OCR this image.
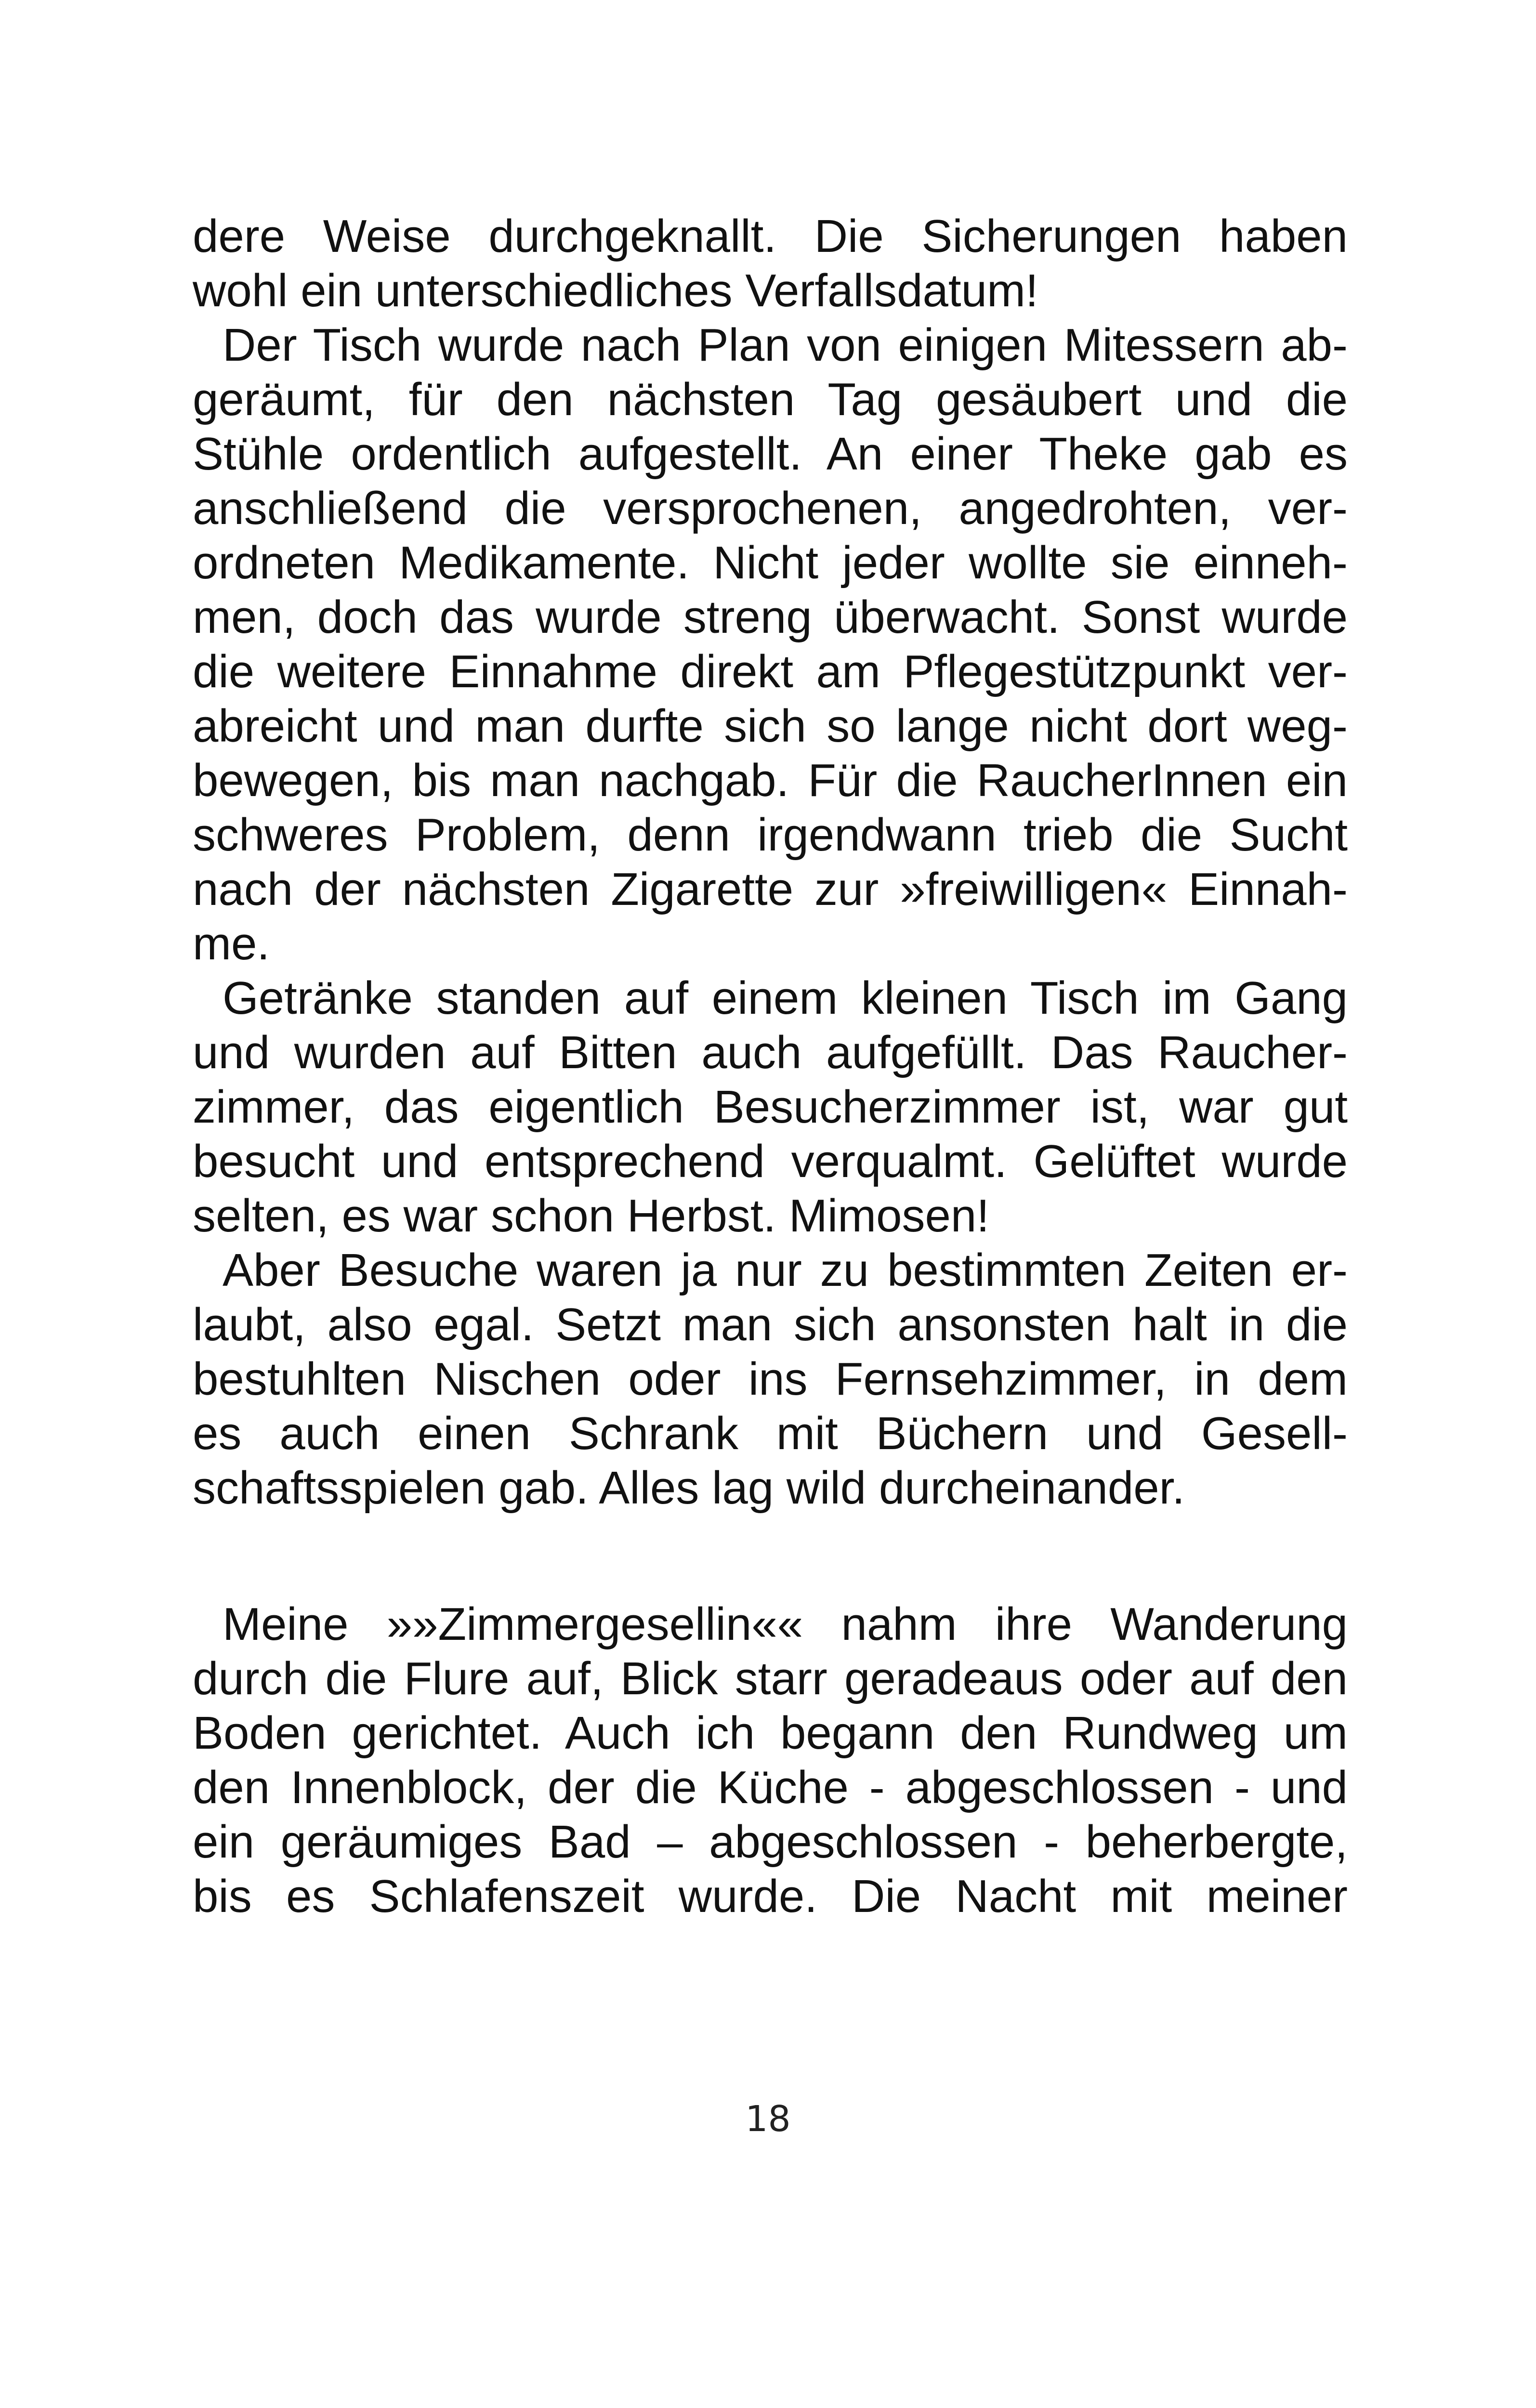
dere Weise durchgeknallt. Die Sicherungen haben
wohl ein unterschiedliches Verfallsdatum!
Der Tisch wurde nach Plan von einigen Mitessern ab-
geräumt, für den nächsten Tag gesäubert und die
Stühle ordentlich aufgestellt. An einer Theke gab es
anschließend die versprochenen, angedrohten, ver-
ordneten Medikamente. Nicht jeder wollte sie einneh-
men, doch das wurde streng überwacht. Sonst wurde
die weitere Einnahme direkt am Pflegestützpunkt ver-
abreicht und man durfte sich so lange nicht dort weg-
bewegen, bis man nachgab. Für die RaucherInnen ein
schweres Problem, denn irgendwann trieb die Sucht
nach der nächsten Zigarette zur »freiwilligen« Einnah-
me.
Getränke standen auf einem kleinen Tisch im Gang
und wurden auf Bitten auch aufgefüllt. Das Raucher-
zimmer, das eigentlich Besucherzimmer ist, war gut
besucht und entsprechend verqualmt. Gelüftet wurde
selten, es war schon Herbst. Mimosen!
Aber Besuche waren ja nur zu bestimmten Zeiten er-
laubt, also egal. Setzt man sich ansonsten halt in die
bestuhlten Nischen oder ins Fernsehzimmer, in dem
es auch einen Schrank mit Büchern und Gesell-
schaftsspielen gab. Alles lag wild durcheinander.
Meine »»Zimmergesellin«« nahm ihre Wanderung
durch die Flure auf, Blick starr geradeaus oder auf den
Boden gerichtet. Auch ich begann den Rundweg um
den Innenblock, der die Küche - abgeschlossen - und
ein geräumiges Bad – abgeschlossen - beherbergte,
bis es Schlafenszeit wurde. Die Nacht mit meiner
18
